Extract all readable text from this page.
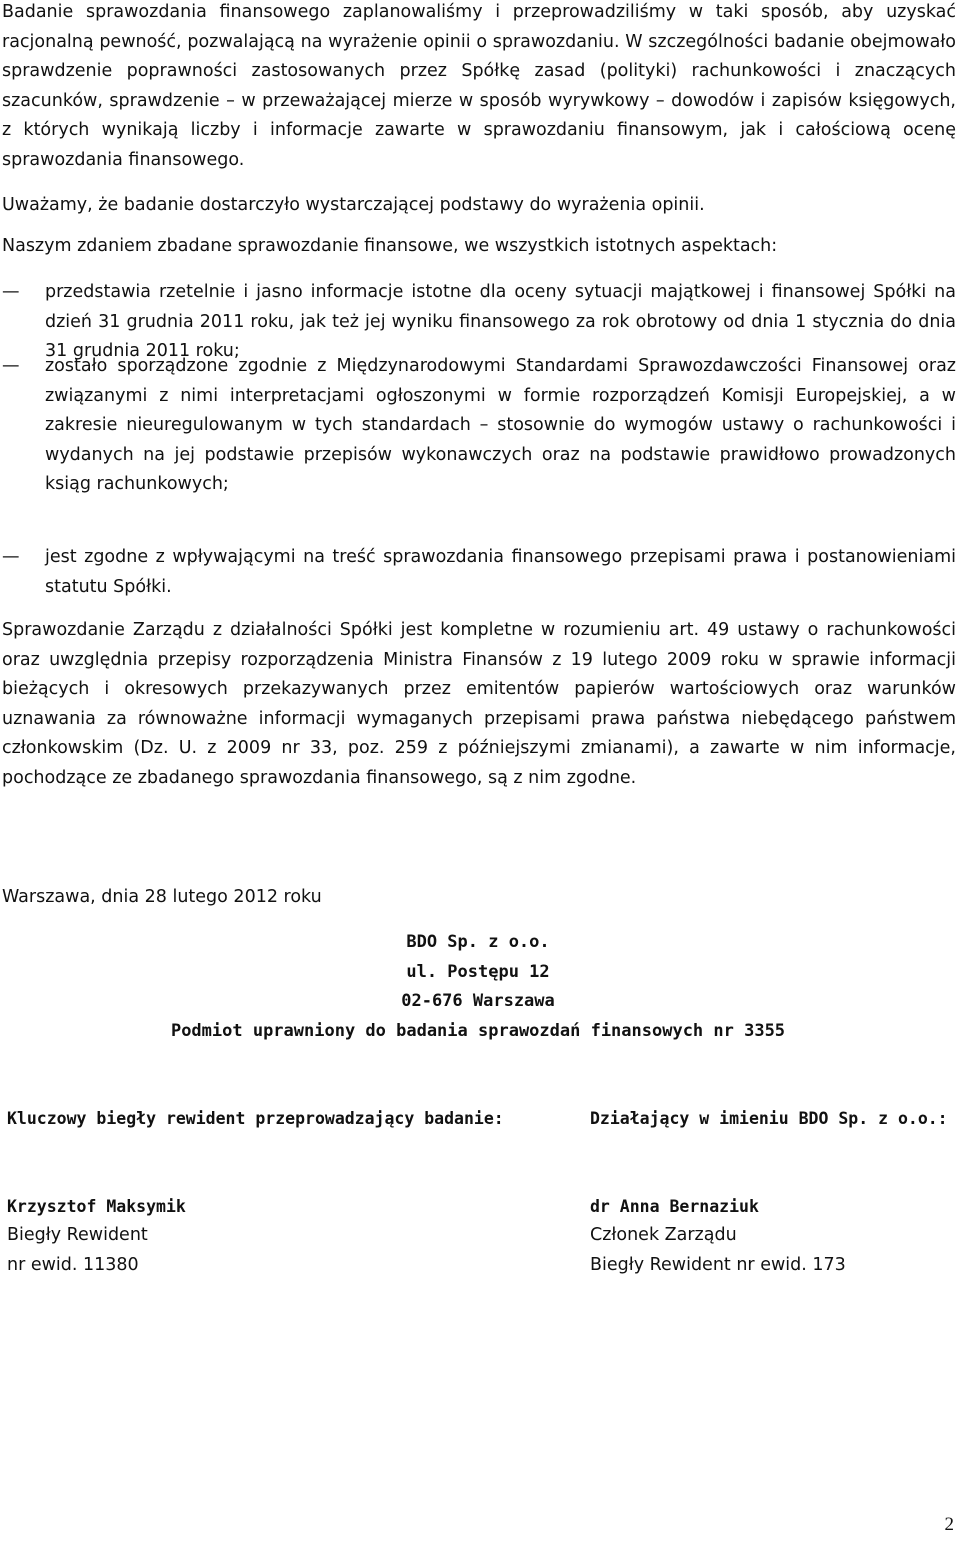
Badanie sprawozdania finansowego zaplanowaliśmy i przeprowadziliśmy w taki sposób, aby uzyskać racjonalną pewność, pozwalającą na wyrażenie opinii o sprawozdaniu. W szczególności badanie obejmowało sprawdzenie poprawności zastosowanych przez Spółkę zasad (polityki) rachunkowości i znaczących szacunków, sprawdzenie – w przeważającej mierze w sposób wyrywkowy – dowodów i zapisów księgowych, z których wynikają liczby i informacje zawarte w sprawozdaniu finansowym, jak i całościową ocenę sprawozdania finansowego.

Uważamy, że badanie dostarczyło wystarczającej podstawy do wyrażenia opinii.

Naszym zdaniem zbadane sprawozdanie finansowe, we wszystkich istotnych aspektach:

—	przedstawia rzetelnie i jasno informacje istotne dla oceny sytuacji majątkowej i finansowej Spółki na dzień 31 grudnia 2011 roku, jak też jej wyniku finansowego za rok obrotowy od dnia 1 stycznia do dnia 31 grudnia 2011 roku;
—	zostało sporządzone zgodnie z Międzynarodowymi Standardami Sprawozdawczości Finansowej oraz związanymi z nimi interpretacjami ogłoszonymi w formie rozporządzeń Komisji Europejskiej, a w zakresie nieuregulowanym w tych standardach – stosownie do wymogów ustawy o rachunkowości i wydanych na jej podstawie przepisów wykonawczych oraz na podstawie prawidłowo prowadzonych ksiąg rachunkowych;
—	jest zgodne z wpływającymi na treść sprawozdania finansowego przepisami prawa i postanowieniami statutu Spółki.

Sprawozdanie Zarządu z działalności Spółki jest kompletne w rozumieniu art. 49 ustawy o rachunkowości oraz uwzględnia przepisy rozporządzenia Ministra Finansów z 19 lutego 2009 roku w sprawie informacji bieżących i okresowych przekazywanych przez emitentów papierów wartościowych oraz warunków uznawania za równoważne informacji wymaganych przepisami prawa państwa niebędącego państwem członkowskim (Dz. U. z 2009 nr 33, poz. 259 z późniejszymi zmianami), a zawarte w nim informacje, pochodzące ze zbadanego sprawozdania finansowego, są z nim zgodne.

Warszawa, dnia 28 lutego 2012 roku
BDO Sp. z o.o.
ul. Postępu 12
02-676 Warszawa
Podmiot uprawniony do badania sprawozdań finansowych nr 3355
Kluczowy biegły rewident przeprowadzający badanie:
Krzysztof Maksymik
Biegły Rewident
nr ewid. 11380
Działający w imieniu BDO Sp. z o.o.:
dr Anna Bernaziuk
Członek Zarządu
Biegły Rewident nr ewid. 173
2
